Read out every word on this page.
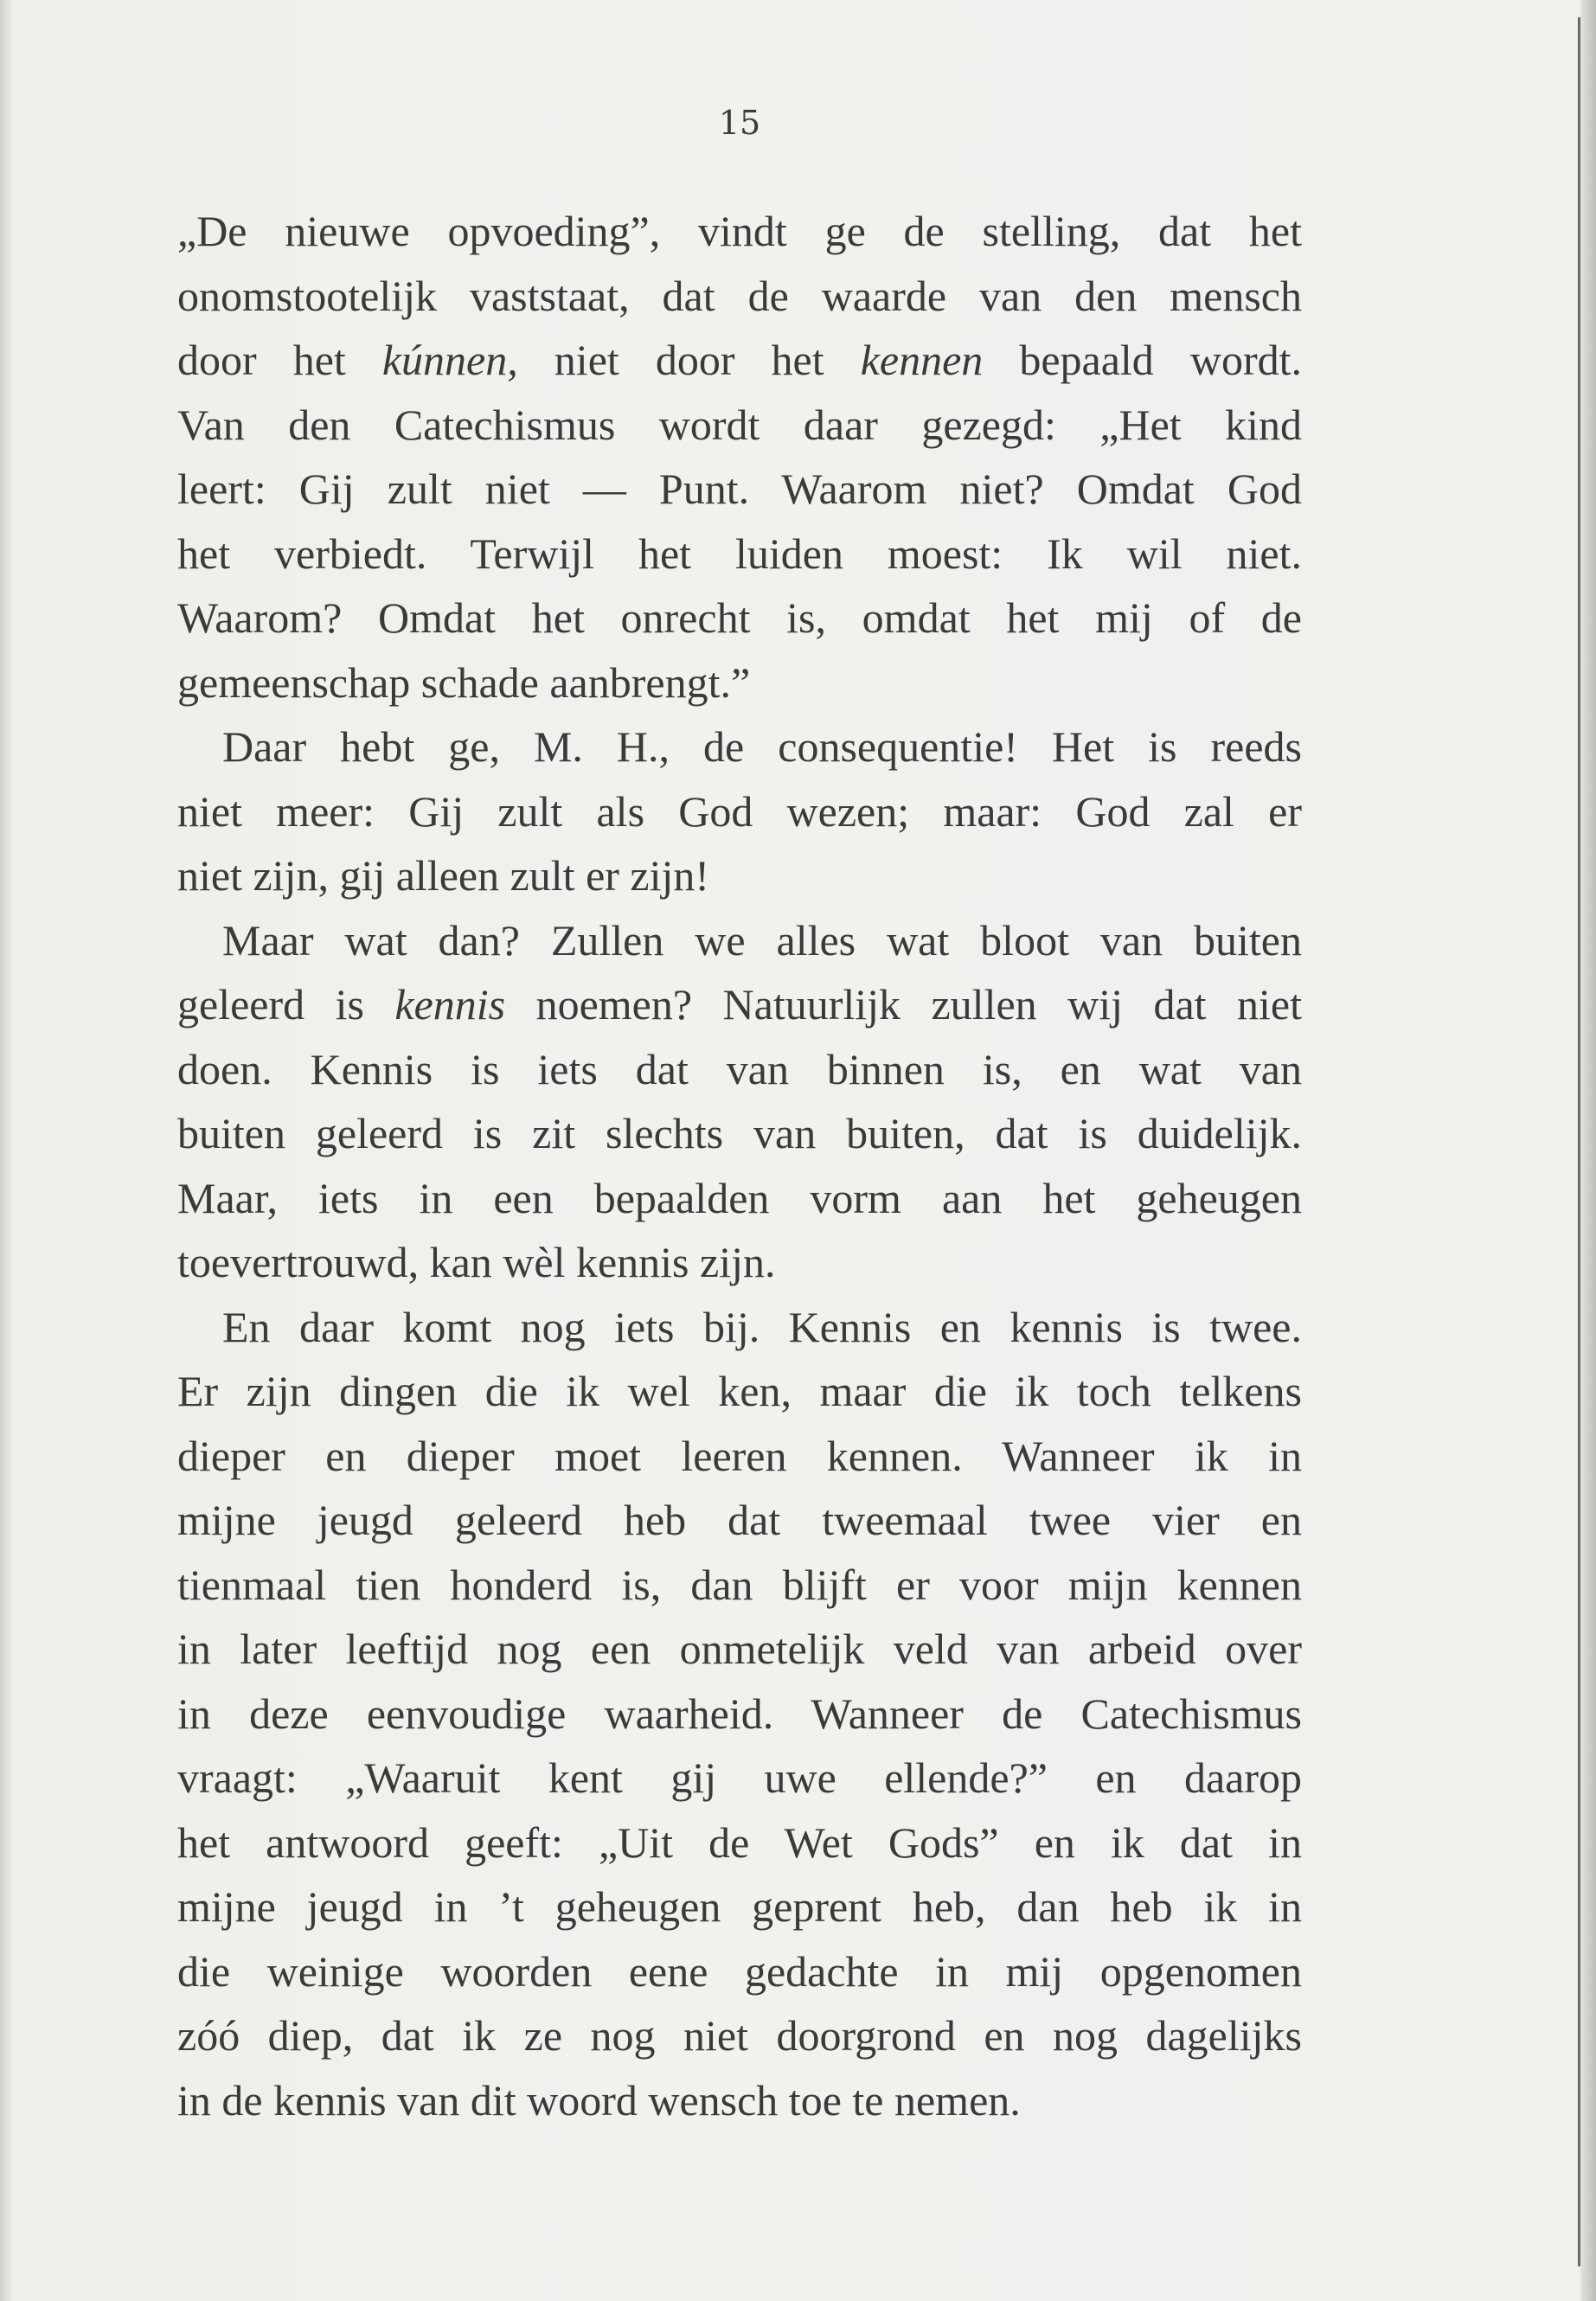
15
„De nieuwe opvoeding”, vindt ge de stelling, dat het
onomstootelijk vaststaat, dat de waarde van den mensch
door het kúnnen, niet door het kennen bepaald wordt.
Van den Catechismus wordt daar gezegd: „Het kind
leert: Gij zult niet — Punt. Waarom niet? Omdat God
het verbiedt. Terwijl het luiden moest: Ik wil niet.
Waarom? Omdat het onrecht is, omdat het mij of de
gemeenschap schade aanbrengt.”
Daar hebt ge, M. H., de consequentie! Het is reeds
niet meer: Gij zult als God wezen; maar: God zal er
niet zijn, gij alleen zult er zijn!
Maar wat dan? Zullen we alles wat bloot van buiten
geleerd is kennis noemen? Natuurlijk zullen wij dat niet
doen. Kennis is iets dat van binnen is, en wat van
buiten geleerd is zit slechts van buiten, dat is duidelijk.
Maar, iets in een bepaalden vorm aan het geheugen
toevertrouwd, kan wèl kennis zijn.
En daar komt nog iets bij. Kennis en kennis is twee.
Er zijn dingen die ik wel ken, maar die ik toch telkens
dieper en dieper moet leeren kennen. Wanneer ik in
mijne jeugd geleerd heb dat tweemaal twee vier en
tienmaal tien honderd is, dan blijft er voor mijn kennen
in later leeftijd nog een onmetelijk veld van arbeid over
in deze eenvoudige waarheid. Wanneer de Catechismus
vraagt: „Waaruit kent gij uwe ellende?” en daarop
het antwoord geeft: „Uit de Wet Gods” en ik dat in
mijne jeugd in ’t geheugen geprent heb, dan heb ik in
die weinige woorden eene gedachte in mij opgenomen
zóó diep, dat ik ze nog niet doorgrond en nog dagelijks
in de kennis van dit woord wensch toe te nemen.
